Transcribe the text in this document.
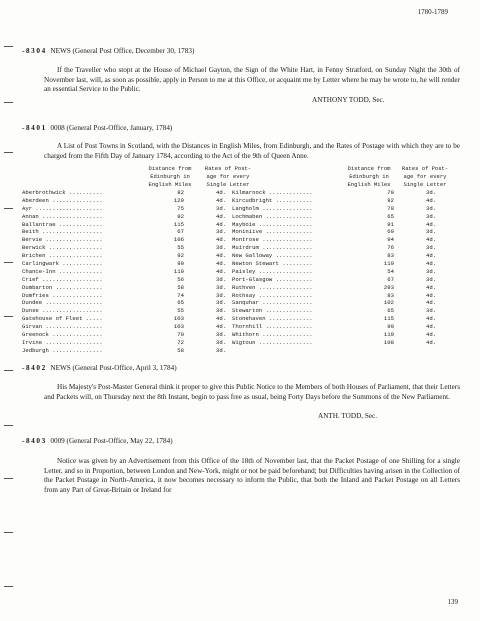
1780-1789
-8304 NEWS (General Post Office, December 30, 1783)

If the Traveller who stopt at the House of Michael Gayton, the Sign of the White Hart, in Fenny Stratford, on Sunday Night the 30th of November last, will, as soon as possible, apply in Person to me at this Office, or acquaint me by Letter where he may be wrote to, he will render an essential Service to the Public.

ANTHONY TODD, Sec.
-8401 0008 (General Post-Office, January, 1784)

A List of Post Towns in Scotland, with the Distances in English Miles, from Edinburgh, and the Rates of Postage with which they are to be charged from the Fifth Day of January 1784, according to the Act of the 9th of Queen Anne.

Distance from
Edinburgh in
English Miles
Rates of Post-
age for every
Single Letter
Distance from
Edinburgh in
English Miles
Rates of Post-
age for every
Single Letter
Aberbrothwick ..........	82	4d.
Aberdeen ...............	129	4d.
Ayr ....................	75	3d.
Annan ..................	92	4d.
Ballantrae .............	115	4d.
Beith ..................	67	3d.
Bervie .................	106	4d.
Berwick ................	55	3d.
Brichen ................	92	4d.
Carlingwark ............	90	4d.
Chance-Inn .............	110	4d.
Crief ..................	56	3d.
Dumbarton ..............	58	3d.
Dumfries ...............	74	3d.
Dundee .................	65	3d.
Dunse ..................	55	3d.
Gatehouse of Fleet .....	103	4d.
Girvan .................	103	4d.
Greenock ...............	70	3d.
Irvine .................	72	3d.
Jedburgh ...............	58	3d.
Kilmarnock .............	70	3d.
Kircudbright ...........	92	4d.
Langholm ...............	70	3d.
Lochmaben ..............	65	3d.
Mayboie ................	91	4d.
Moniniive ..............	69	3d.
Montrose ...............	94	4d.
Muirdrum ...............	76	3d.
New Galloway ...........	83	4d.
Newton Stewart .........	119	4d.
Paisley ................	54	3d.
Port-Glasgow ...........	67	3d.
Ruthven ................	293	4d.
Rothsay ................	83	4d.
Sanquhar ...............	102	4d.
Stewarton ..............	65	3d.
Stonehaven .............	115	4d.
Thornhill ..............	90	4d.
Whithorn ...............	119	4d.
Wigtoun ................	108	4d.
-8402 NEWS (General Post-Office, April 3, 1784)

His Majesty's Post-Master General think it proper to give this Public Notice to the Members of both Houses of Parliament, that their Letters and Packets will, on Thursday next the 8th Instant, begin to pass free as usual, being Forty Days before the Summons of the New Parliament.

ANTH. TODD, Sec.
-8403 0009 (General Post-Office, May 22, 1784)

Notice was given by an Advertisement from this Office of the 18th of November last, that the Packet Postage of one Shilling for a single Letter, and so in Proportion, between London and New-York, might or not be paid beforehand; but Difficulties having arisen in the Collection of the Packet Postage in North-America, it now becomes necessary to inform the Public, that both the Inland and Packet Postage on all Letters from any Part of Great-Britain or Ireland for

139
